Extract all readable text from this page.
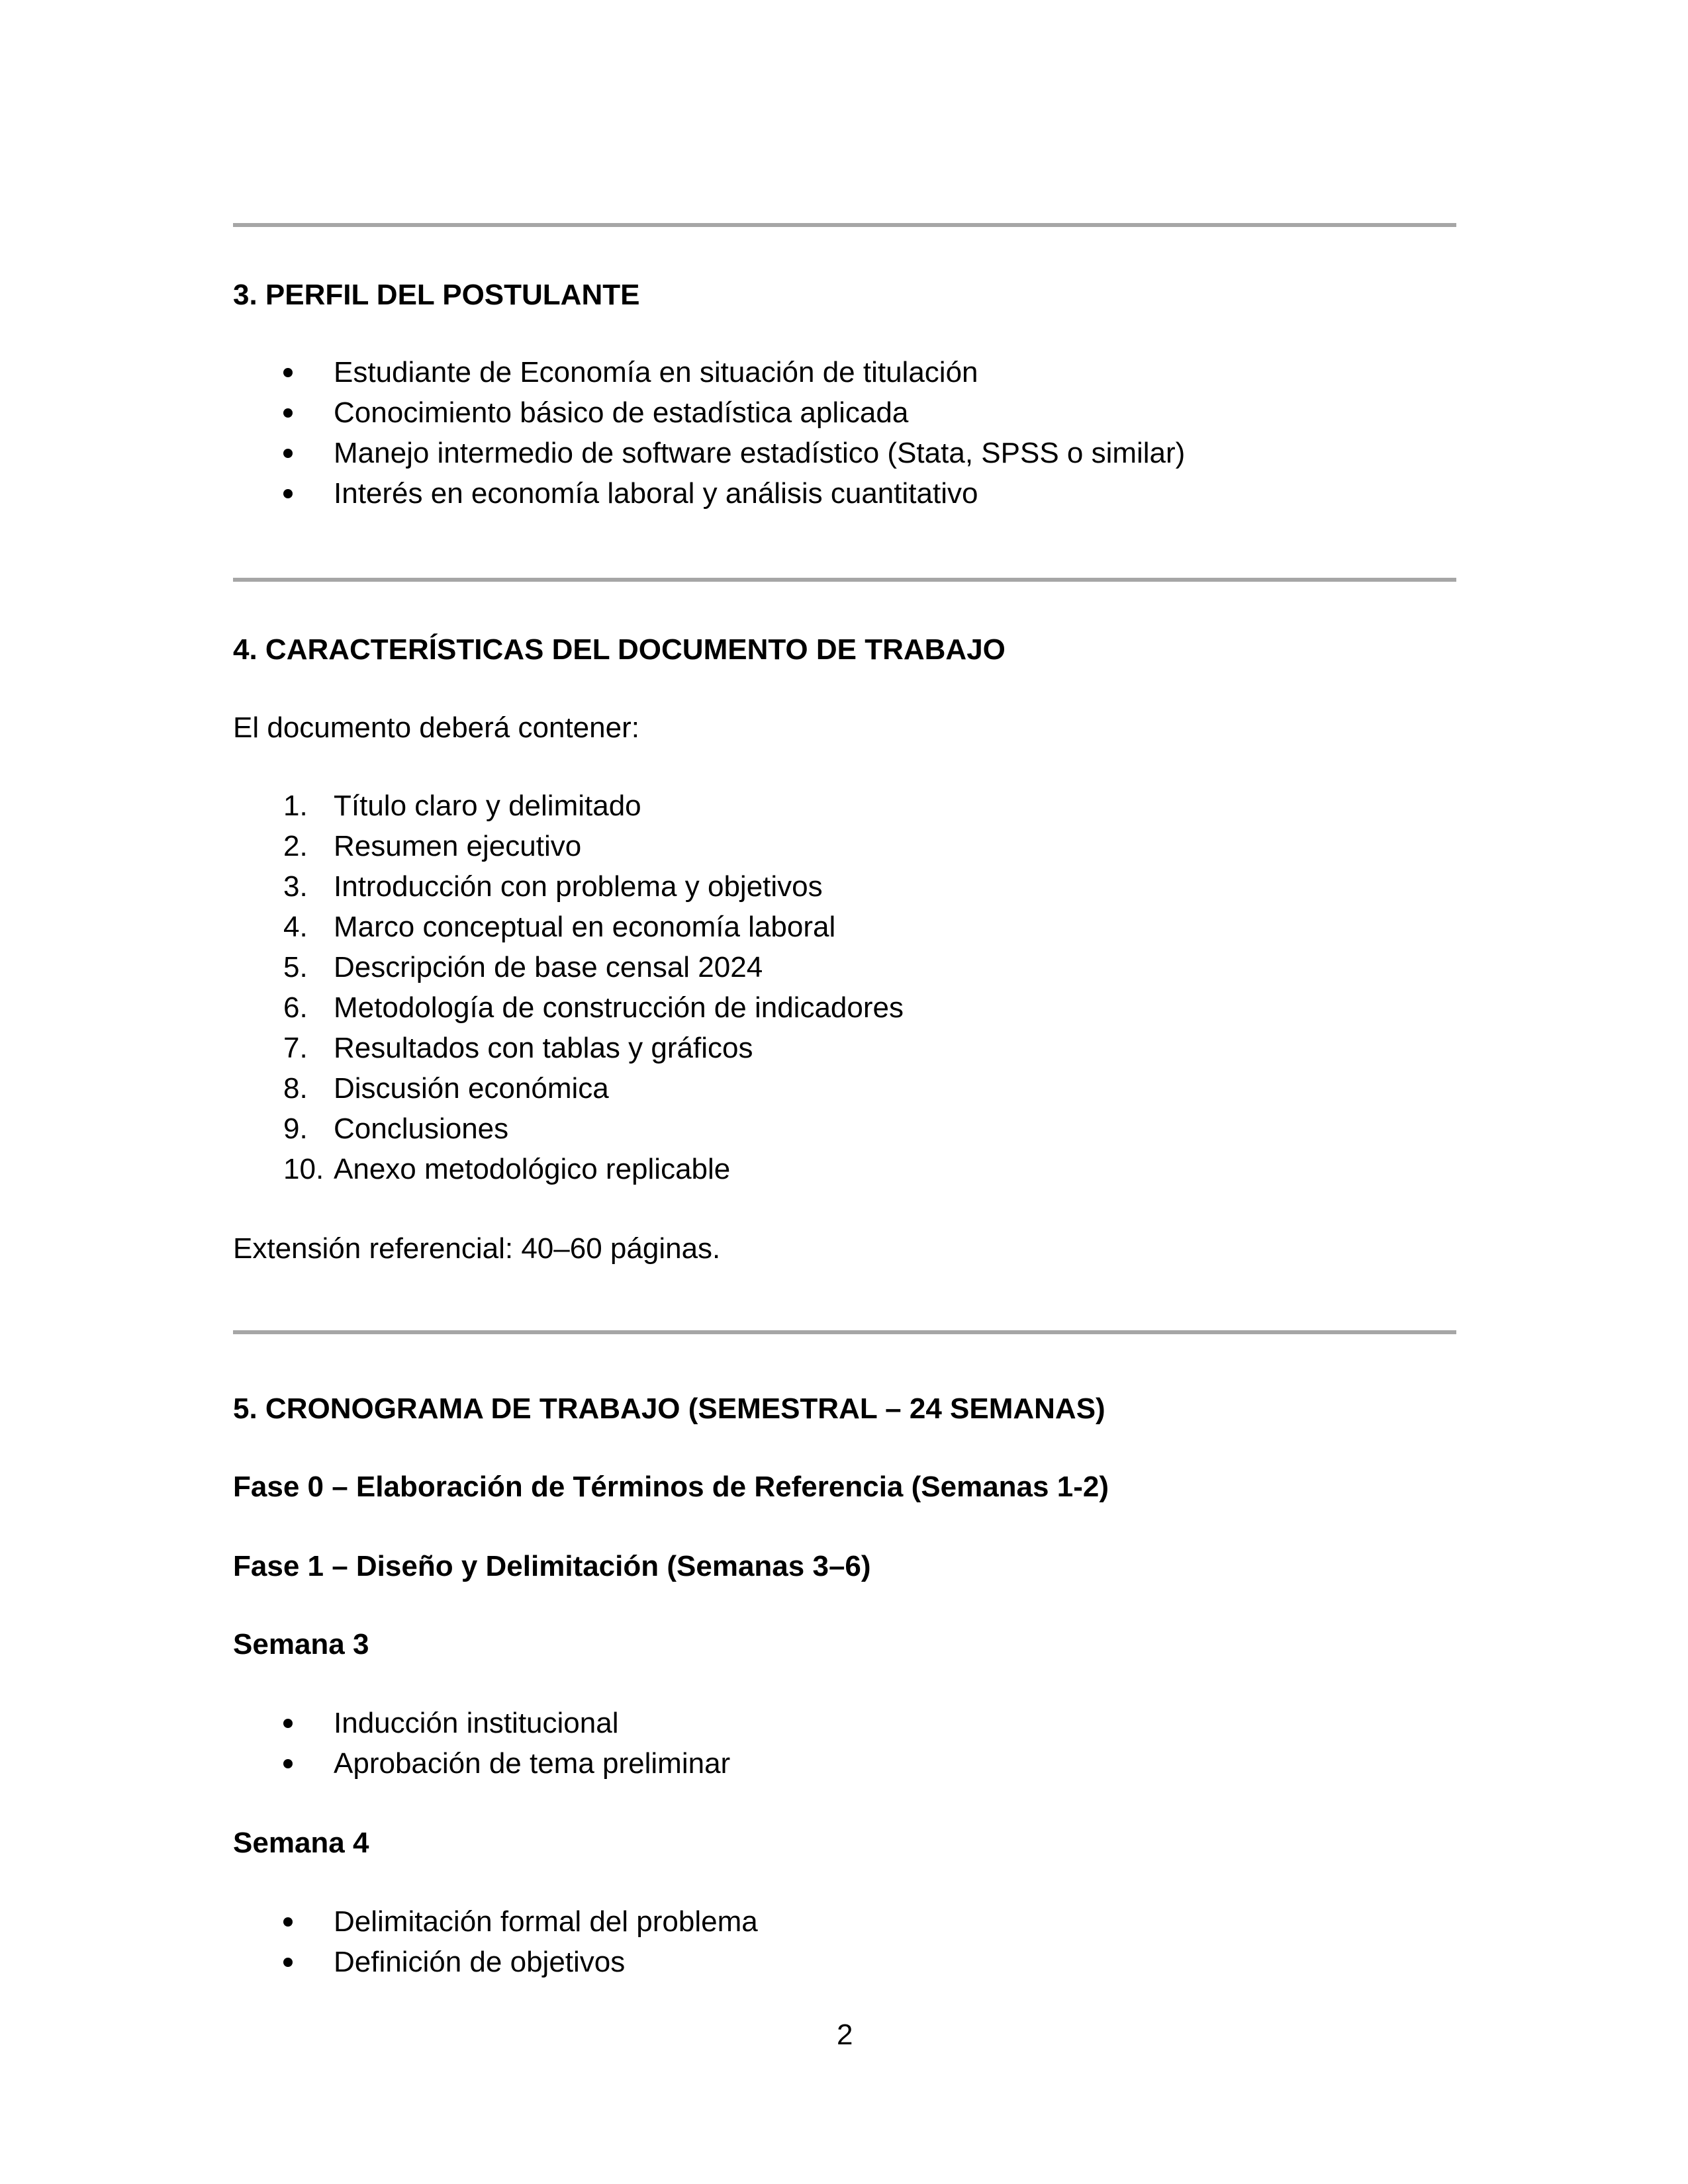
3. PERFIL DEL POSTULANTE
Estudiante de Economía en situación de titulación
Conocimiento básico de estadística aplicada
Manejo intermedio de software estadístico (Stata, SPSS o similar)
Interés en economía laboral y análisis cuantitativo
4. CARACTERÍSTICAS DEL DOCUMENTO DE TRABAJO
El documento deberá contener:
1. Título claro y delimitado
2. Resumen ejecutivo
3. Introducción con problema y objetivos
4. Marco conceptual en economía laboral
5. Descripción de base censal 2024
6. Metodología de construcción de indicadores
7. Resultados con tablas y gráficos
8. Discusión económica
9. Conclusiones
10. Anexo metodológico replicable
Extensión referencial: 40–60 páginas.
5. CRONOGRAMA DE TRABAJO (SEMESTRAL – 24 SEMANAS)
Fase 0 – Elaboración de Términos de Referencia (Semanas 1-2)
Fase 1 – Diseño y Delimitación (Semanas 3–6)
Semana 3
Inducción institucional
Aprobación de tema preliminar
Semana 4
Delimitación formal del problema
Definición de objetivos
2
